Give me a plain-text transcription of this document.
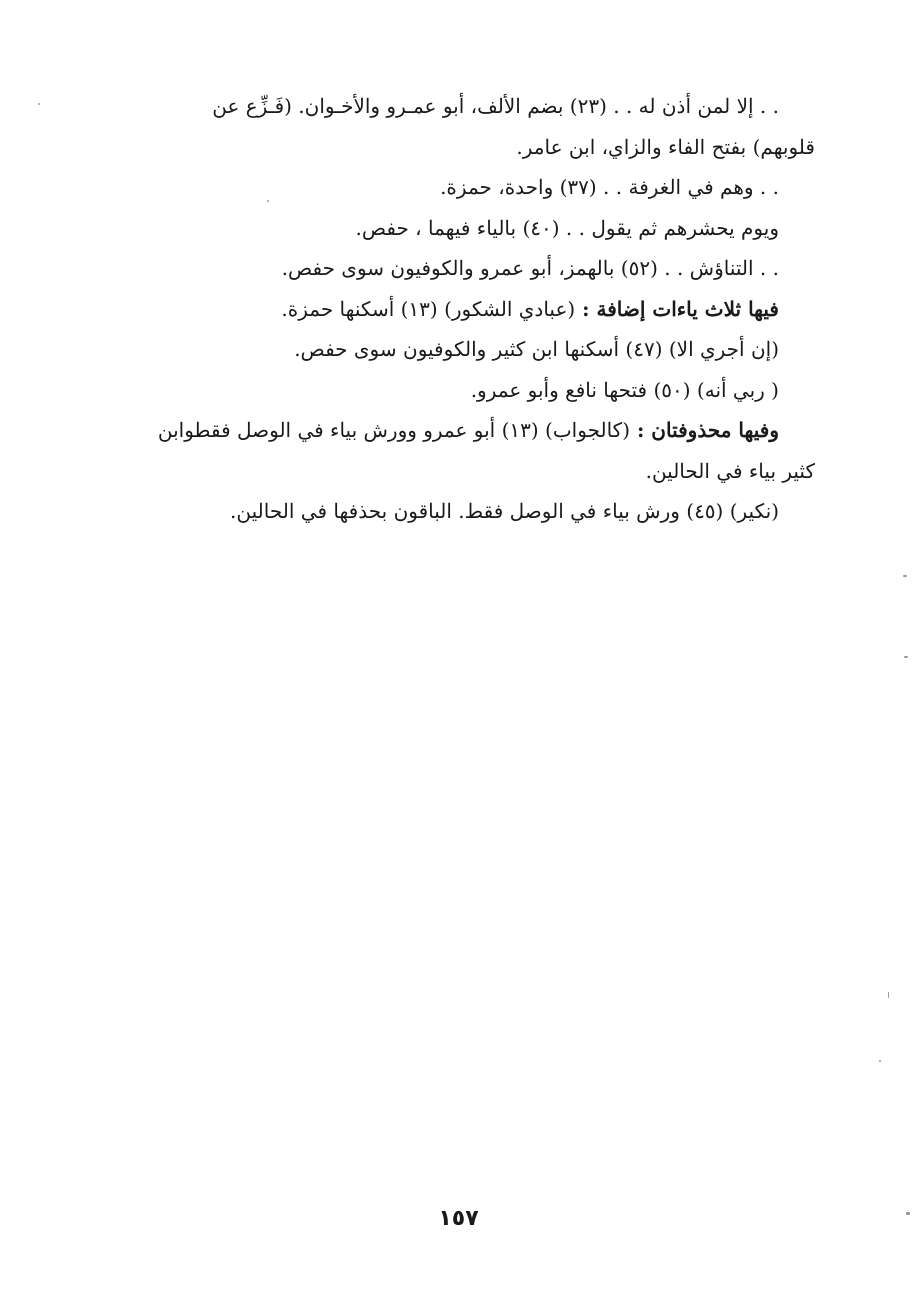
. . إلا لمن أذن له . . (٢٣) بضم الألف، أبو عمـرو والأخـوان. (فَـزِّع عن

قلوبهم) بفتح الفاء والزاي، ابن عامر.

. . وهم في الغرفة . . (٣٧) واحدة، حمزة.

ويوم يحشرهم ثم يقول . . (٤٠) بالياء فيهما ، حفص.

. . التناؤش . . (٥٢) بالهمز، أبو عمرو والكوفيون سوى حفص.

فيها ثلاث ياءات إضافة : (عبادي الشكور) (١٣) أسكنها حمزة.

(إن أجري الا) (٤٧) أسكنها ابن كثير والكوفيون سوى حفص.

( ربي أنه) (٥٠) فتحها نافع وأبو عمرو.

وفيها محذوفتان : (كالجواب) (١٣) أبو عمرو وورش بياء في الوصل فقطوابن

كثير بياء في الحالين.

(نكير) (٤٥) ورش بياء في الوصل فقط. الباقون بحذفها في الحالين.

١٥٧
